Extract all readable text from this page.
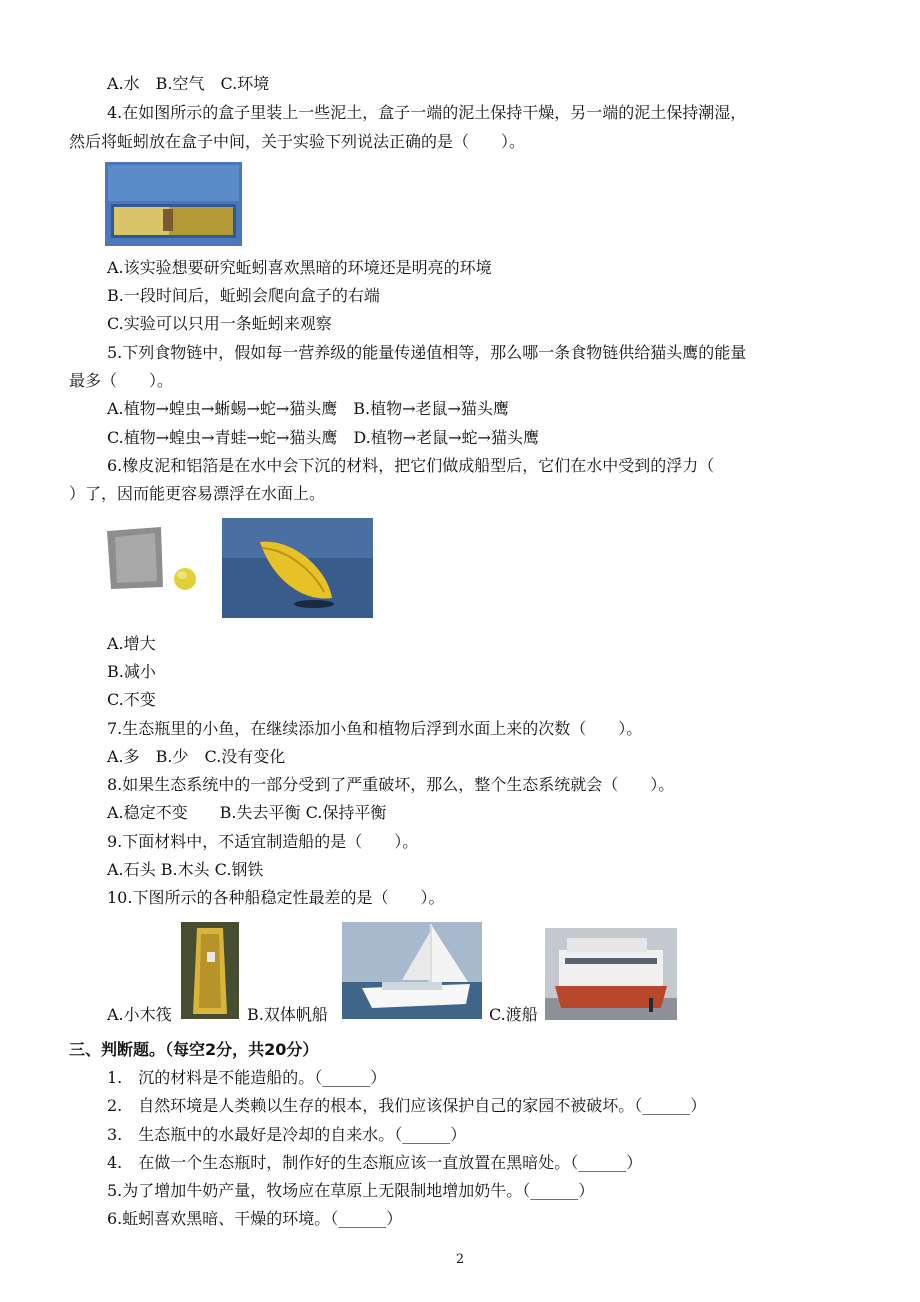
A.水　B.空气　C.环境
4.在如图所示的盒子里装上一些泥土，盒子一端的泥土保持干燥，另一端的泥土保持潮湿，
然后将蚯蚓放在盒子中间，关于实验下列说法正确的是（　　）。
A.该实验想要研究蚯蚓喜欢黑暗的环境还是明亮的环境
B.一段时间后，蚯蚓会爬向盒子的右端
C.实验可以只用一条蚯蚓来观察
5.下列食物链中，假如每一营养级的能量传递值相等，那么哪一条食物链供给猫头鹰的能量
最多（　　）。
A.植物→蝗虫→蜥蜴→蛇→猫头鹰　B.植物→老鼠→猫头鹰
C.植物→蝗虫→青蛙→蛇→猫头鹰　D.植物→老鼠→蛇→猫头鹰
6.橡皮泥和铝箔是在水中会下沉的材料，把它们做成船型后，它们在水中受到的浮力（
）了，因而能更容易漂浮在水面上。
A.增大
B.减小
C.不变
7.生态瓶里的小鱼，在继续添加小鱼和植物后浮到水面上来的次数（　　）。
A.多　B.少　C.没有变化
8.如果生态系统中的一部分受到了严重破坏，那么，整个生态系统就会（　　）。
A.稳定不变　　B.失去平衡 C.保持平衡
9.下面材料中，不适宜制造船的是（　　）。
A.石头 B.木头 C.钢铁
10.下图所示的各种船稳定性最差的是（　　）。
A.小木筏	B.双体帆船	C.渡船
三、判断题。（每空2分，共20分）
1.　沉的材料是不能造船的。（______）
2.　自然环境是人类赖以生存的根本，我们应该保护自己的家园不被破坏。（______）
3.　生态瓶中的水最好是冷却的自来水。（______）
4.　在做一个生态瓶时，制作好的生态瓶应该一直放置在黑暗处。（______）
5.为了增加牛奶产量，牧场应在草原上无限制地增加奶牛。（______）
6.蚯蚓喜欢黑暗、干燥的环境。（______）
2
